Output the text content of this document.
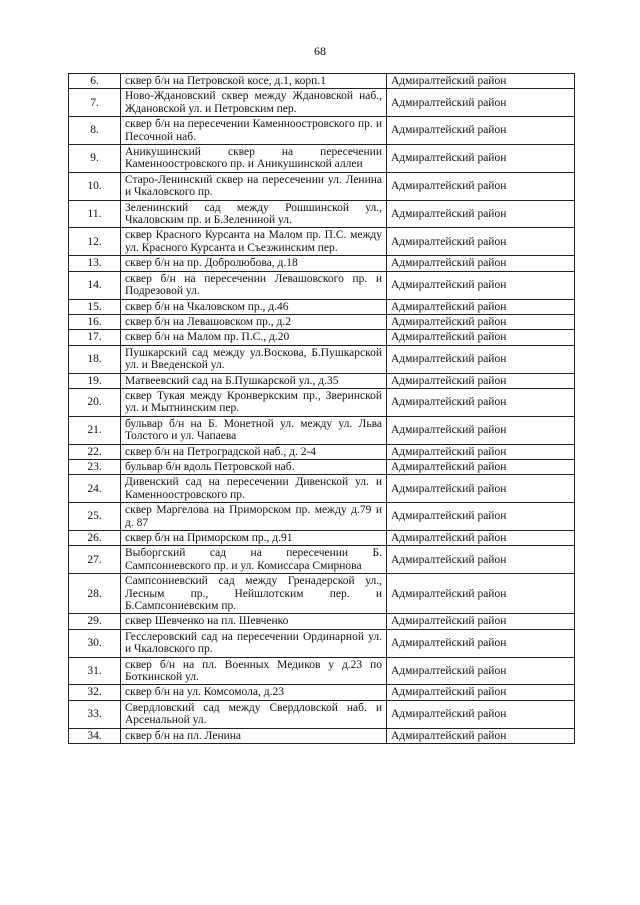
68
6.	сквер б/н на Петровской косе, д.1, корп.1	Адмиралтейский район
7.	Ново-Ждановский сквер между Ждановской наб., Ждановской ул. и Петровским пер.	Адмиралтейский район
8.	сквер б/н на пересечении Каменноостровского пр. и Песочной наб.	Адмиралтейский район
9.	Аникушинский сквер на пересечении Каменноостровского пр. и Аникушинской аллеи	Адмиралтейский район
10.	Старо-Ленинский сквер на пересечении ул. Ленина и Чкаловского пр.	Адмиралтейский район
11.	Зеленинский сад между Рошшинской ул., Чкаловским пр. и Б.Зелениной ул.	Адмиралтейский район
12.	сквер Красного Курсанта на Малом пр. П.С. между ул. Красного Курсанта и Съезжинским пер.	Адмиралтейский район
13.	сквер б/н на пр. Добролюбова, д.18	Адмиралтейский район
14.	сквер б/н на пересечении Левашовского пр. и Подрезовой ул.	Адмиралтейский район
15.	сквер б/н на Чкаловском пр., д.46	Адмиралтейский район
16.	сквер б/н на Левашовском пр., д.2	Адмиралтейский район
17.	сквер б/н на Малом пр. П.С., д.20	Адмиралтейский район
18.	Пушкарский сад между ул.Воскова, Б.Пушкарской ул. и Введенской ул.	Адмиралтейский район
19.	Матвеевский сад на Б.Пушкарской ул., д.35	Адмиралтейский район
20.	сквер Тукая между Кронверкским пр., Зверинской ул. и Мытнинским пер.	Адмиралтейский район
21.	бульвар б/н на Б. Монетной ул. между ул. Льва Толстого и ул. Чапаева	Адмиралтейский район
22.	сквер б/н на Петроградской наб., д. 2-4	Адмиралтейский район
23.	бульвар б/н вдоль Петровской наб.	Адмиралтейский район
24.	Дивенский сад на пересечении Дивенской ул. и Каменноостровского пр.	Адмиралтейский район
25.	сквер Маргелова на Приморском пр. между д.79 и д. 87	Адмиралтейский район
26.	сквер б/н на Приморском пр., д.91	Адмиралтейский район
27.	Выборгский сад на пересечении Б. Сампсониевского пр. и ул. Комиссара Смирнова	Адмиралтейский район
28.	Сампсониевский сад между Гренадерской ул., Лесным пр., Нейшлотским пер. и Б.Сампсониевским пр.	Адмиралтейский район
29.	сквер Шевченко на пл. Шевченко	Адмиралтейский район
30.	Гесслеровский сад на пересечении Ординарной ул. и Чкаловского пр.	Адмиралтейский район
31.	сквер б/н на пл. Военных Медиков у д.23 по Боткинской ул.	Адмиралтейский район
32.	сквер б/н на ул. Комсомола, д.23	Адмиралтейский район
33.	Свердловский сад между Свердловской наб. и Арсенальной ул.	Адмиралтейский район
34.	сквер б/н на пл. Ленина	Адмиралтейский район
